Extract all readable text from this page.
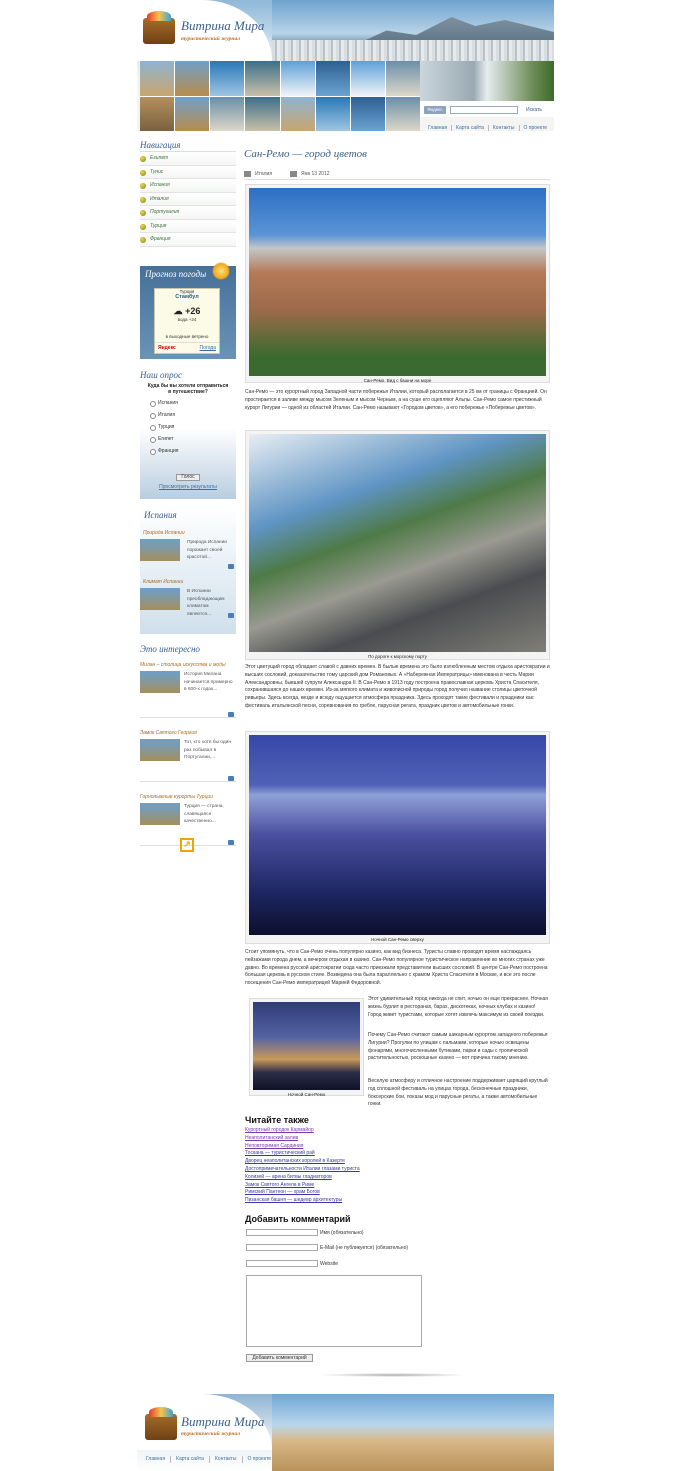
Витрина Мира
туристический журнал
Яндекс	Искать
Главная	Карта сайта	Контакты	О проекте
Навигация
Египет
Тунис
Испания
Италия
Португалия
Турция
Франция
Прогноз погоды
Турция
Стамбул
☁ +26
вода +24
в выходные ветрено
Яндекс	Погода
Наш опрос
Куда бы вы хотели отправиться в путешествие?
Испания
Италия
Турция
Египет
Франция
Голос
Просмотреть результаты
Испания
Природа Испании
Природа Испании поражает своей красотой...
Климат Испании
В Испании преобладающим климатом является...
Это интересно
Милан – столица искусства и моды
История Милана начинается примерно в 600-х годах...
Замок Святого Георгия
Тот, кто хотя бы один раз побывал в Португалии,...
Горнолыжные курорты Турции
Турция — страна, славящаяся качественно...
↗
Сан-Ремо — город цветов
Италия	Янв 13 2012
Сан-Ремо. Вид с башни на море
Сан-Ремо — это курортный город Западной части побережья Италии, который располагается в 25 км от границы с Францией. Он простирается в заливе между мысом Зеленым и мысом Черным, а на суше его оцепляют Альпы. Сан-Ремо самое престижный курорт Лигурии — одной из областей Италии. Сан-Ремо называют «Городом цветов», а его побережье «Побережье цветов».
По дороге к морскому порту
Этот цветущий город обладает славой с давних времен. В былые времена это было излюбленным местом отдыха аристократии и высших сословий, доказательство тому царский дом Романовых. А «Набережная Императрицы» именована в честь Марии Александровны, бывшей супруги Александра II. В Сан-Ремо в 1913 году построена православная церковь Христа Спасителя, сохранившаяся до наших времен. Из-за мягкого климата и живописной природы город получил название столицы цветочной ривьеры. Здесь всегда, везде и всюду ощущается атмосфера праздника. Здесь проходят такие фестивали и праздники как: фестиваль итальянской песни, соревнования по гребле, парусная регата, праздник цветов и автомобильные гонки.
Ночной Сан-Ремо сверху
Стоит упомянуть, что в Сан-Ремо очень популярно казино, как вид бизнеса. Туристы славно проводят время наслаждаясь пейзажами города днем, а вечером отдыхая в казино. Сан-Ремо популярное туристическое направление во многих странах уже давно. Во времена русской аристократии сюда часто приезжали представители высших сословий. В центре Сан-Ремо построена большая церковь в русском стиле. Возведена она была параллельно с храмом Христа Спасителя в Москве, и все это после посещения Сан-Ремо императрицей Марией Федоровной.
Ночной Сан-Ремо
Этот удивительный город никогда не спит, ночью он еще прекраснее. Ночная жизнь бурлит в ресторанах, барах, дискотеках, ночных клубах и казино! Город живет туристами, которые хотят извлечь максимум из своей поездки.
Почему Сан-Ремо считают самым шикарным курортом западного побережья Лигурии? Прогулки по улицам с пальмами, которые ночью освещены фонарями, многочисленными бутиками, парки и сады с тропической растительностью, роскошные казино — вот причина такому мнению.
Веселую атмосферу и отличное настроение поддерживает царящий круглый год сплошной фестиваль на улицах города, бесконечные праздники, боксерские бои, показы мод и парусные регаты, а также автомобильные гонки.
Читайте также
Курортный городок Кармайор
Неаполитанский залив
Неповторимая Сардиния
Тоскана — туристический рай
Дворец неаполитанских королей в Казерте
Достопримечательности Италии глазами туриста
Колизей — арена битвы гладиаторов
Замок Святого Ангела в Риме
Римский Пантеон — храм Богов
Пизанская башня — шедевр архитектуры
Добавить комментарий
Имя (обязательно)
E-Mail (не публикуется) (обязательно)
Website
Добавить комментарий
Витрина Мира
туристический журнал
Главная	Карта сайта	Контакты	О проекте
